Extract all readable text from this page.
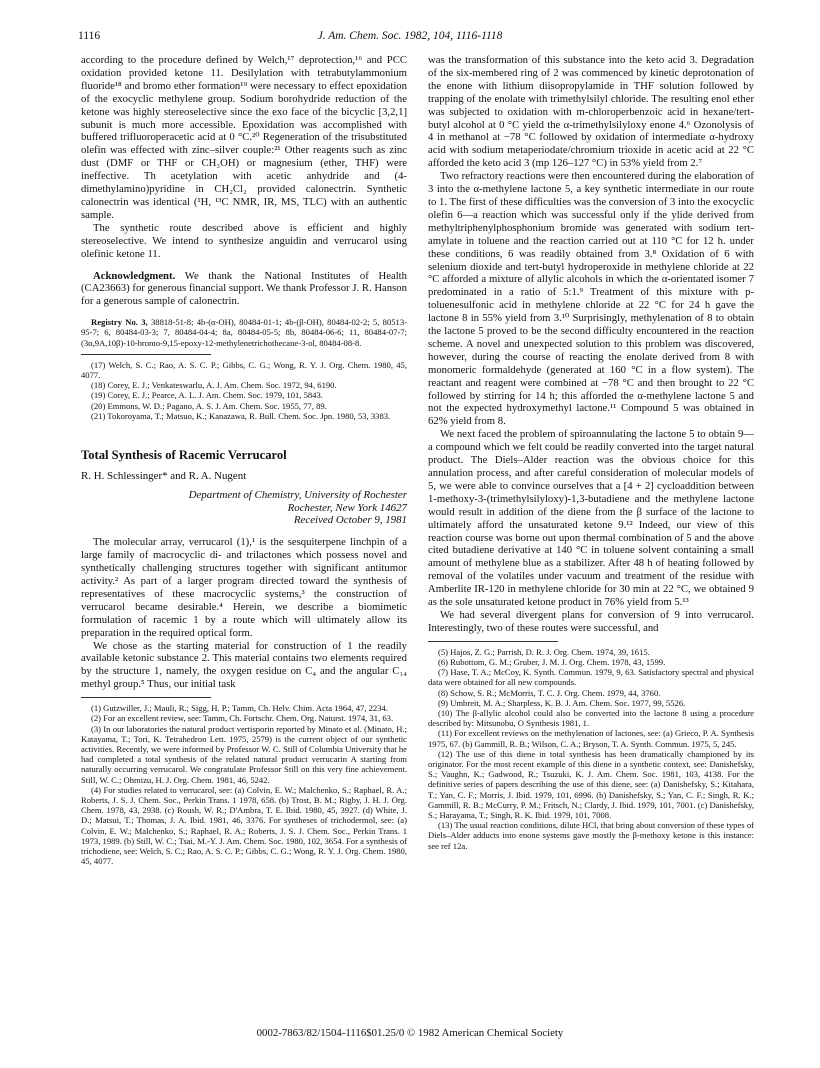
1116	J. Am. Chem. Soc. 1982, 104, 1116-1118

according to the procedure defined by Welch,¹⁷ deprotection,¹⁶ and PCC oxidation provided ketone 11. Desilylation with tetrabutylammonium fluoride¹⁸ and bromo ether formation¹⁹ were necessary to effect epoxidation of the exocyclic methylene group. Sodium borohydride reduction of the ketone was highly stereoselective since the exo face of the bicyclic [3,2,1] subunit is much more accessible. Epoxidation was accomplished with buffered trifluoroperacetic acid at 0 °C.²⁰ Regeneration of the trisubstituted olefin was effected with zinc–silver couple:²¹ Other reagents such as zinc dust (DMF or THF or CH₃OH) or magnesium (ether, THF) were ineffective. Th acetylation with acetic anhydride and (4-dimethylamino)pyridine in CH₂Cl₂ provided calonectrin. Synthetic calonectrin was identical (¹H, ¹³C NMR, IR, MS, TLC) with an authentic sample.

The synthetic route described above is efficient and highly stereoselective. We intend to synthesize anguidin and verrucarol using olefinic ketone 11.

Acknowledgment. We thank the National Institutes of Health (CA23663) for generous financial support. We thank Professor J. R. Hanson for a generous sample of calonectrin.

Registry No. 3, 38818-51-8; 4b-(α-OH), 80484-01-1; 4b-(β-OH), 80484-02-2; 5, 80513-95-7; 6, 80484-03-3; 7, 80484-04-4; 8a, 80484-05-5; 8b, 80484-06-6; 11, 80484-07-7; (3α,9A,10β)-10-bromo-9,15-epoxy-12-methylenetrichothecane-3-ol, 80484-08-8.

(17) Welch, S. C.; Rao, A. S. C. P.; Gibbs, C. G.; Wong, R. Y. J. Org. Chem. 1980, 45, 4077.

(18) Corey, E. J.; Venkateswarlu, A. J. Am. Chem. Soc. 1972, 94, 6190.

(19) Corey, E. J.; Pearce, A. L. J. Am. Chem. Soc. 1979, 101, 5843.

(20) Emmons, W. D.; Pagano, A. S. J. Am. Chem. Soc. 1955, 77, 89.

(21) Tokoroyama, T.; Matsuo, K.; Kanazawa, R. Bull. Chem. Soc. Jpn. 1980, 53, 3383.

Total Synthesis of Racemic Verrucarol

R. H. Schlessinger* and R. A. Nugent

Department of Chemistry, University of Rochester

Rochester, New York 14627

Received October 9, 1981

The molecular array, verrucarol (1),¹ is the sesquiterpene linchpin of a large family of macrocyclic di- and trilactones which possess novel and synthetically challenging structures together with significant antitumor activity.² As part of a larger program directed toward the synthesis of representatives of these macrocyclic systems,³ the construction of verrucarol became desirable.⁴ Herein, we describe a biomimetic formulation of racemic 1 by a route which will ultimately allow its preparation in the required optical form.

We chose as the starting material for construction of 1 the readily available ketonic substance 2. This material contains two elements required by the structure 1, namely, the oxygen residue on C₄ and the angular C₁₄ methyl group.⁵ Thus, our initial task

(1) Gutzwiller, J.; Mauli, R.; Sigg, H. P.; Tamm, Ch. Helv. Chim. Acta 1964, 47, 2234.

(2) For an excellent review, see: Tamm, Ch. Fortschr. Chem. Org. Naturst. 1974, 31, 63.

(3) In our laboratories the natural product vertisporin reported by Minato et al. (Minato, H.; Katayama, T.; Tori, K. Tetrahedron Lett. 1975, 2579) is the current object of our synthetic activities. Recently, we were informed by Professor W. C. Still of Columbia University that he had completed a total synthesis of the related natural product verrucarin A starting from naturally occurring verrucarol. We congratulate Professor Still on this very fine achievement. Still, W. C.; Ohmizu, H. J. Org. Chem. 1981, 46, 5242.

(4) For studies related to verrucarol, see: (a) Colvin, E. W.; Malchenko, S.; Raphael, R. A.; Roberts, J. S. J. Chem. Soc., Perkin Trans. 1 1978, 658. (b) Trost, B. M.; Rigby, J. H. J. Org. Chem. 1978, 43, 2938. (c) Roush, W. R.; D'Ambra, T. E. Ibid. 1980, 45, 3927. (d) White, J. D.; Matsui, T.; Thomas, J. A. Ibid. 1981, 46, 3376. For syntheses of trichodermol, see: (a) Colvin, E. W.; Malchenko, S.; Raphael, R. A.; Roberts, J. S. J. Chem. Soc., Perkin Trans. 1 1973, 1989. (b) Still, W. C.; Tsai, M.-Y. J. Am. Chem. Soc. 1980, 102, 3654. For a synthesis of trichodiene, see: Welch, S. C.; Rao, A. S. C. P.; Gibbs, C. G.; Wong, R. Y. J. Org. Chem. 1980, 45, 4077.

was the transformation of this substance into the keto acid 3. Degradation of the six-membered ring of 2 was commenced by kinetic deprotonation of the enone with lithium diisopropylamide in THF solution followed by trapping of the enolate with trimethylsilyl chloride. The resulting enol ether was subjected to oxidation with m-chloroperbenzoic acid in hexane/tert-butyl alcohol at 0 °C yield the α-trimethylsilyloxy enone 4.⁶ Ozonolysis of 4 in methanol at −78 °C followed by oxidation of intermediate α-hydroxy acid with sodium metaperiodate/chromium trioxide in acetic acid at 22 °C afforded the keto acid 3 (mp 126–127 °C) in 53% yield from 2.⁷

Two refractory reactions were then encountered during the elaboration of 3 into the α-methylene lactone 5, a key synthetic intermediate in our route to 1. The first of these difficulties was the conversion of 3 into the exocyclic olefin 6—a reaction which was successful only if the ylide derived from methyltriphenylphosphonium bromide was generated with sodium tert-amylate in toluene and the reaction carried out at 110 °C for 12 h. under these conditions, 6 was readily obtained from 3.⁸ Oxidation of 6 with selenium dioxide and tert-butyl hydroperoxide in methylene chloride at 22 °C afforded a mixture of allylic alcohols in which the α-orientated isomer 7 predominated in a ratio of 5:1.⁹ Treatment of this mixture with p-toluenesulfonic acid in methylene chloride at 22 °C for 24 h gave the lactone 8 in 55% yield from 3.¹⁰ Surprisingly, methylenation of 8 to obtain the lactone 5 proved to be the second difficulty encountered in the reaction scheme. A novel and unexpected solution to this problem was discovered, however, during the course of reacting the enolate derived from 8 with monomeric formaldehyde (generated at 160 °C in a flow system). The reactant and reagent were combined at −78 °C and then brought to 22 °C followed by stirring for 14 h; this afforded the α-methylene lactone 5 and not the expected hydroxymethyl lactone.¹¹ Compound 5 was obtained in 62% yield from 8.

We next faced the problem of spiroannulating the lactone 5 to obtain 9—a compound which we felt could be readily converted into the target natural product. The Diels–Alder reaction was the obvious choice for this annulation process, and after careful consideration of molecular models of 5, we were able to convince ourselves that a [4 + 2] cycloaddition between 1-methoxy-3-(trimethylsilyloxy)-1,3-butadiene and the methylene lactone would result in addition of the diene from the β surface of the lactone to ultimately afford the unsaturated ketone 9.¹² Indeed, our view of this reaction course was borne out upon thermal combination of 5 and the above cited butadiene derivative at 140 °C in toluene solvent containing a small amount of methylene blue as a stabilizer. After 48 h of heating followed by removal of the volatiles under vacuum and treatment of the residue with Amberlite IR-120 in methylene chloride for 30 min at 22 °C, we obtained 9 as the sole unsaturated ketone product in 76% yield from 5.¹³

We had several divergent plans for conversion of 9 into verrucarol. Interestingly, two of these routes were successful, and

(5) Hajos, Z. G.; Parrish, D. R. J. Org. Chem. 1974, 39, 1615.

(6) Rubottom, G. M.; Gruber, J. M. J. Org. Chem. 1978, 43, 1599.

(7) Hase, T. A.; McCoy, K. Synth. Commun. 1979, 9, 63. Satisfactory spectral and physical data were obtained for all new compounds.

(8) Schow, S. R.; McMorris, T. C. J. Org. Chem. 1979, 44, 3760.

(9) Umbreit, M. A.; Sharpless, K. B. J. Am. Chem. Soc. 1977, 99, 5526.

(10) The β-allylic alcohol could also be converted into the lactone 8 using a procedure described by: Mitsunobu, O Synthesis 1981, 1.

(11) For excellent reviews on the methylenation of lactones, see: (a) Grieco, P. A. Synthesis 1975, 67. (b) Gammill, R. B.; Wilson, C. A.; Bryson, T. A. Synth. Commun. 1975, 5, 245.

(12) The use of this diene in total synthesis has been dramatically championed by its originator. For the most recent example of this diene in a synthetic context, see: Danishefsky, S.; Vaughn, K.; Gadwood, R.; Tsuzuki, K. J. Am. Chem. Soc. 1981, 103, 4138. For the definitive series of papers describing the use of this diene, see: (a) Danishefsky, S.; Kitahara, T.; Yan, C. F.; Morris, J. Ibid. 1979, 101, 6996. (b) Danishefsky, S.; Yan, C. F.; Singh, R. K.; Gammill, R. B.; McCurry, P. M.; Fritsch, N.; Clardy, J. Ibid. 1979, 101, 7001. (c) Danishefsky, S.; Harayama, T.; Singh, R. K. Ibid. 1979, 101, 7008.

(13) The usual reaction conditions, dilute HCl, that bring about conversion of these types of Diels–Alder adducts into enone systems gave mostly the β-methoxy ketone is this instance: see ref 12a.

0002-7863/82/1504-1116$01.25/0 © 1982 American Chemical Society
